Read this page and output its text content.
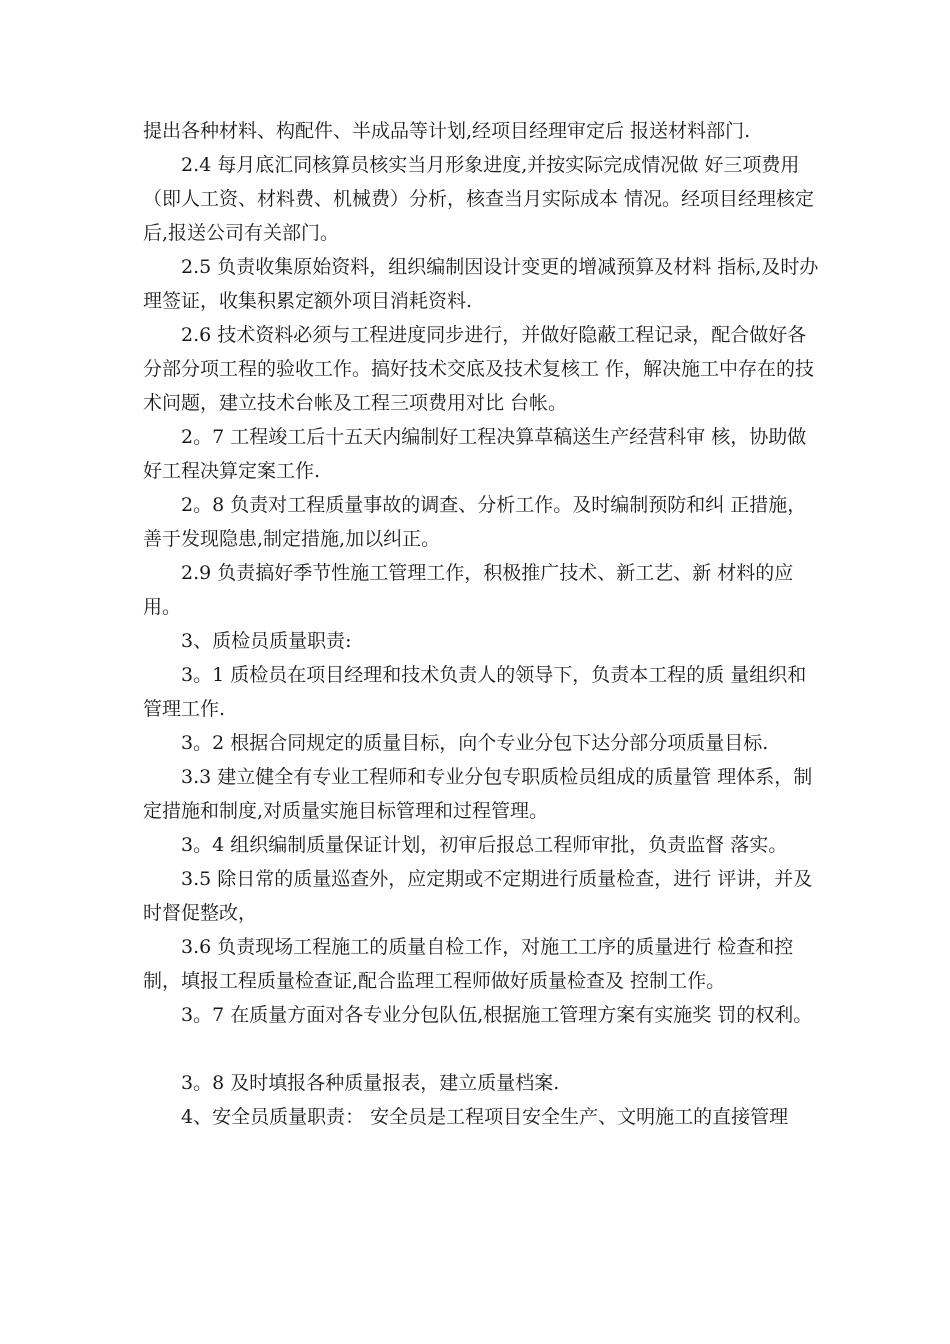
提出各种材料、构配件、半成品等计划,经项目经理审定后 报送材料部门.

2.4 每月底汇同核算员核实当月形象进度,并按实际完成情况做 好三项费用（即人工资、材料费、机械费）分析，核查当月实际成本 情况。经项目经理核定后,报送公司有关部门。

2.5 负责收集原始资料，组织编制因设计变更的增减预算及材料 指标,及时办理签证，收集积累定额外项目消耗资料.

2.6 技术资料必须与工程进度同步进行，并做好隐蔽工程记录，配合做好各分部分项工程的验收工作。搞好技术交底及技术复核工 作，解决施工中存在的技术问题，建立技术台帐及工程三项费用对比 台帐。

2。7 工程竣工后十五天内编制好工程决算草稿送生产经营科审 核，协助做好工程决算定案工作.

2。8 负责对工程质量事故的调查、分析工作。及时编制预防和纠 正措施，善于发现隐患,制定措施,加以纠正。

2.9 负责搞好季节性施工管理工作，积极推广技术、新工艺、新 材料的应用。

3、质检员质量职责:

3。1 质检员在项目经理和技术负责人的领导下，负责本工程的质 量组织和管理工作.

3。2 根据合同规定的质量目标，向个专业分包下达分部分项质量目标.

3.3 建立健全有专业工程师和专业分包专职质检员组成的质量管 理体系，制定措施和制度,对质量实施目标管理和过程管理。

3。4 组织编制质量保证计划，初审后报总工程师审批，负责监督 落实。

3.5 除日常的质量巡查外，应定期或不定期进行质量检查，进行 评讲，并及时督促整改，

3.6 负责现场工程施工的质量自检工作，对施工工序的质量进行 检查和控制，填报工程质量检查证,配合监理工程师做好质量检查及 控制工作。

3。7 在质量方面对各专业分包队伍,根据施工管理方案有实施奖 罚的权利。

3。8 及时填报各种质量报表，建立质量档案.

4、安全员质量职责： 安全员是工程项目安全生产、文明施工的直接管理
